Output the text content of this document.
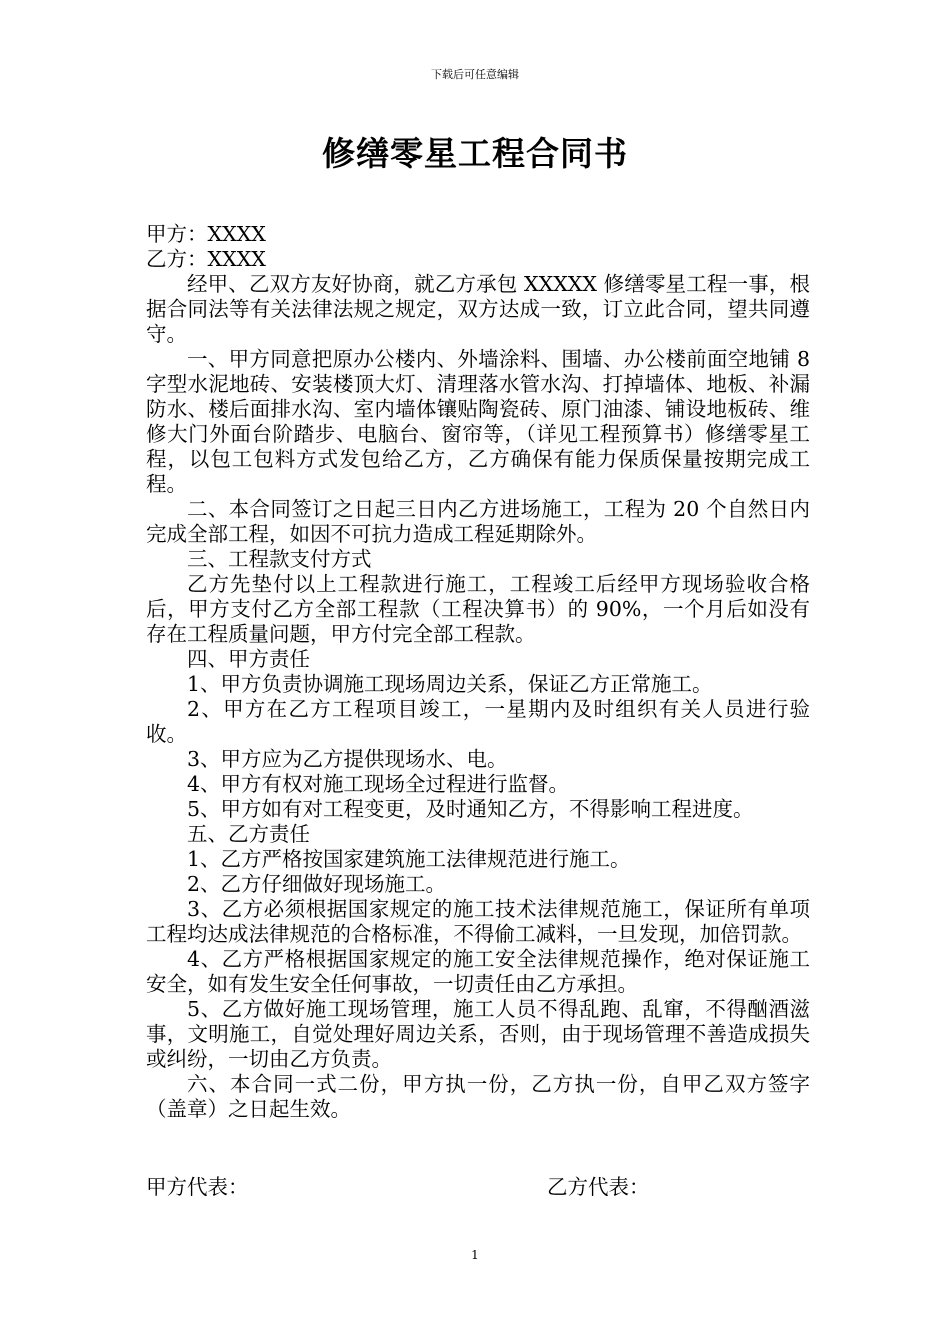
下载后可任意编辑
修缮零星工程合同书

甲方：XXXX

乙方：XXXX

经甲、乙双方友好协商，就乙方承包 XXXXX 修缮零星工程一事，根据合同法等有关法律法规之规定，双方达成一致，订立此合同，望共同遵守。

一、甲方同意把原办公楼内、外墙涂料、围墙、办公楼前面空地铺 8 字型水泥地砖、安装楼顶大灯、清理落水管水沟、打掉墙体、地板、补漏防水、楼后面排水沟、室内墙体镶贴陶瓷砖、原门油漆、铺设地板砖、维修大门外面台阶踏步、电脑台、窗帘等，（详见工程预算书）修缮零星工程，以包工包料方式发包给乙方，乙方确保有能力保质保量按期完成工程。

二、本合同签订之日起三日内乙方进场施工，工程为 20 个自然日内完成全部工程，如因不可抗力造成工程延期除外。

三、工程款支付方式

乙方先垫付以上工程款进行施工，工程竣工后经甲方现场验收合格后，甲方支付乙方全部工程款（工程决算书）的 90%，一个月后如没有存在工程质量问题，甲方付完全部工程款。

四、甲方责任

1、甲方负责协调施工现场周边关系，保证乙方正常施工。

2、甲方在乙方工程项目竣工，一星期内及时组织有关人员进行验收。

3、甲方应为乙方提供现场水、电。

4、甲方有权对施工现场全过程进行监督。

5、甲方如有对工程变更，及时通知乙方，不得影响工程进度。

五、乙方责任

1、乙方严格按国家建筑施工法律规范进行施工。

2、乙方仔细做好现场施工。

3、乙方必须根据国家规定的施工技术法律规范施工，保证所有单项工程均达成法律规范的合格标准，不得偷工减料，一旦发现，加倍罚款。

4、乙方严格根据国家规定的施工安全法律规范操作，绝对保证施工安全，如有发生安全任何事故，一切责任由乙方承担。

5、乙方做好施工现场管理，施工人员不得乱跑、乱窜，不得酗酒滋事，文明施工，自觉处理好周边关系，否则，由于现场管理不善造成损失或纠纷，一切由乙方负责。

六、本合同一式二份，甲方执一份，乙方执一份，自甲乙双方签字（盖章）之日起生效。

甲方代表：	乙方代表：
1
